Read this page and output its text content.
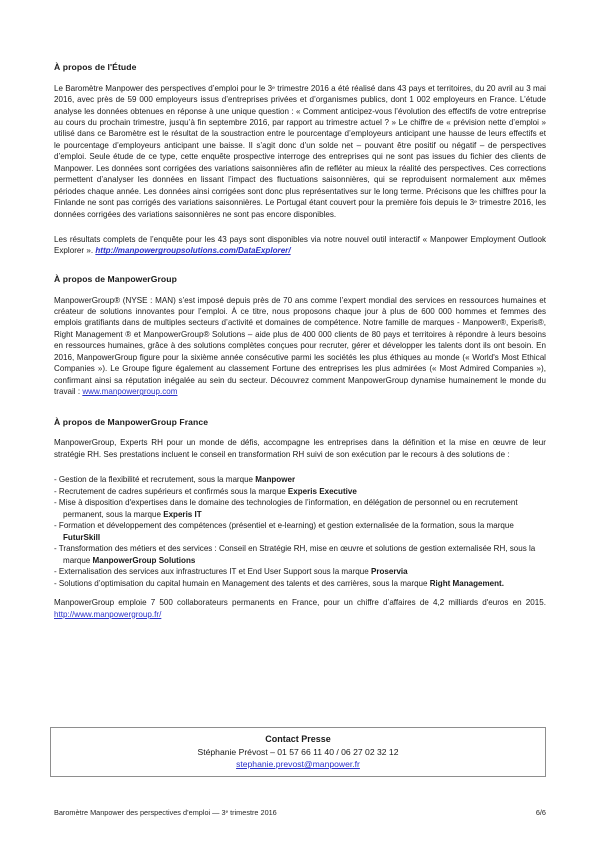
À propos de l'Étude

Le Baromètre Manpower des perspectives d’emploi pour le 3e trimestre 2016 a été réalisé dans 43 pays et territoires, du 20 avril au 3 mai 2016, avec près de 59 000 employeurs issus d’entreprises privées et d’organismes publics, dont 1 002 employeurs en France. L’étude analyse les données obtenues en réponse à une unique question : « Comment anticipez-vous l’évolution des effectifs de votre entreprise au cours du prochain trimestre, jusqu’à fin septembre 2016, par rapport au trimestre actuel ? » Le chiffre de « prévision nette d’emploi » utilisé dans ce Baromètre est le résultat de la soustraction entre le pourcentage d’employeurs anticipant une hausse de leurs effectifs et le pourcentage d’employeurs anticipant une baisse. Il s’agit donc d’un solde net – pouvant être positif ou négatif – de perspectives d’emploi. Seule étude de ce type, cette enquête prospective interroge des entreprises qui ne sont pas issues du fichier des clients de Manpower. Les données sont corrigées des variations saisonnières afin de refléter au mieux la réalité des perspectives. Ces corrections permettent d’analyser les données en lissant l’impact des fluctuations saisonnières, qui se reproduisent normalement aux mêmes périodes chaque année. Les données ainsi corrigées sont donc plus représentatives sur le long terme. Précisons que les chiffres pour la Finlande ne sont pas corrigés des variations saisonnières. Le Portugal étant couvert pour la première fois depuis le 3e trimestre 2016, les données corrigées des variations saisonnières ne sont pas encore disponibles.

Les résultats complets de l’enquête pour les 43 pays sont disponibles via notre nouvel outil interactif « Manpower Employment Outlook Explorer ». http://manpowergroupsolutions.com/DataExplorer/

À propos de ManpowerGroup

ManpowerGroup® (NYSE : MAN) s’est imposé depuis près de 70 ans comme l’expert mondial des services en ressources humaines et créateur de solutions innovantes pour l’emploi. À ce titre, nous proposons chaque jour à plus de 600 000 hommes et femmes des emplois gratifiants dans de multiples secteurs d’activité et domaines de compétence. Notre famille de marques - Manpower®, Experis®, Right Management ® et ManpowerGroup® Solutions – aide plus de 400 000 clients de 80 pays et territoires à répondre à leurs besoins en ressources humaines, grâce à des solutions complètes conçues pour recruter, gérer et développer les talents dont ils ont besoin. En 2016, ManpowerGroup figure pour la sixième année consécutive parmi les sociétés les plus éthiques au monde (« World's Most Ethical Companies »). Le Groupe figure également au classement Fortune des entreprises les plus admirées (« Most Admired Companies »), confirmant ainsi sa réputation inégalée au sein du secteur. Découvrez comment ManpowerGroup dynamise humainement le monde du travail : www.manpowergroup.com

À propos de ManpowerGroup France

ManpowerGroup, Experts RH pour un monde de défis, accompagne les entreprises dans la définition et la mise en œuvre de leur stratégie RH. Ses prestations incluent le conseil en transformation RH suivi de son exécution par le recours à des solutions de :

- Gestion de la flexibilité et recrutement, sous la marque Manpower
- Recrutement de cadres supérieurs et confirmés sous la marque Experis Executive
- Mise à disposition d'expertises dans le domaine des technologies de l’information, en délégation de personnel ou en recrutement permanent, sous la marque Experis IT
- Formation et développement des compétences (présentiel et e-learning) et gestion externalisée de la formation, sous la marque FuturSkill
- Transformation des métiers et des services : Conseil en Stratégie RH, mise en œuvre et solutions de gestion externalisée RH, sous la marque ManpowerGroup Solutions
- Externalisation des services aux infrastructures IT et End User Support sous la marque Proservia
- Solutions d’optimisation du capital humain en Management des talents et des carrières, sous la marque Right Management.

ManpowerGroup emploie 7 500 collaborateurs permanents en France, pour un chiffre d’affaires de 4,2 milliards d'euros en 2015. http://www.manpowergroup.fr/

Contact Presse
Stéphanie Prévost – 01 57 66 11 40 / 06 27 02 32 12
stephanie.prevost@manpower.fr
Baromètre Manpower des perspectives d’emploi — 3e trimestre 2016	6/6
